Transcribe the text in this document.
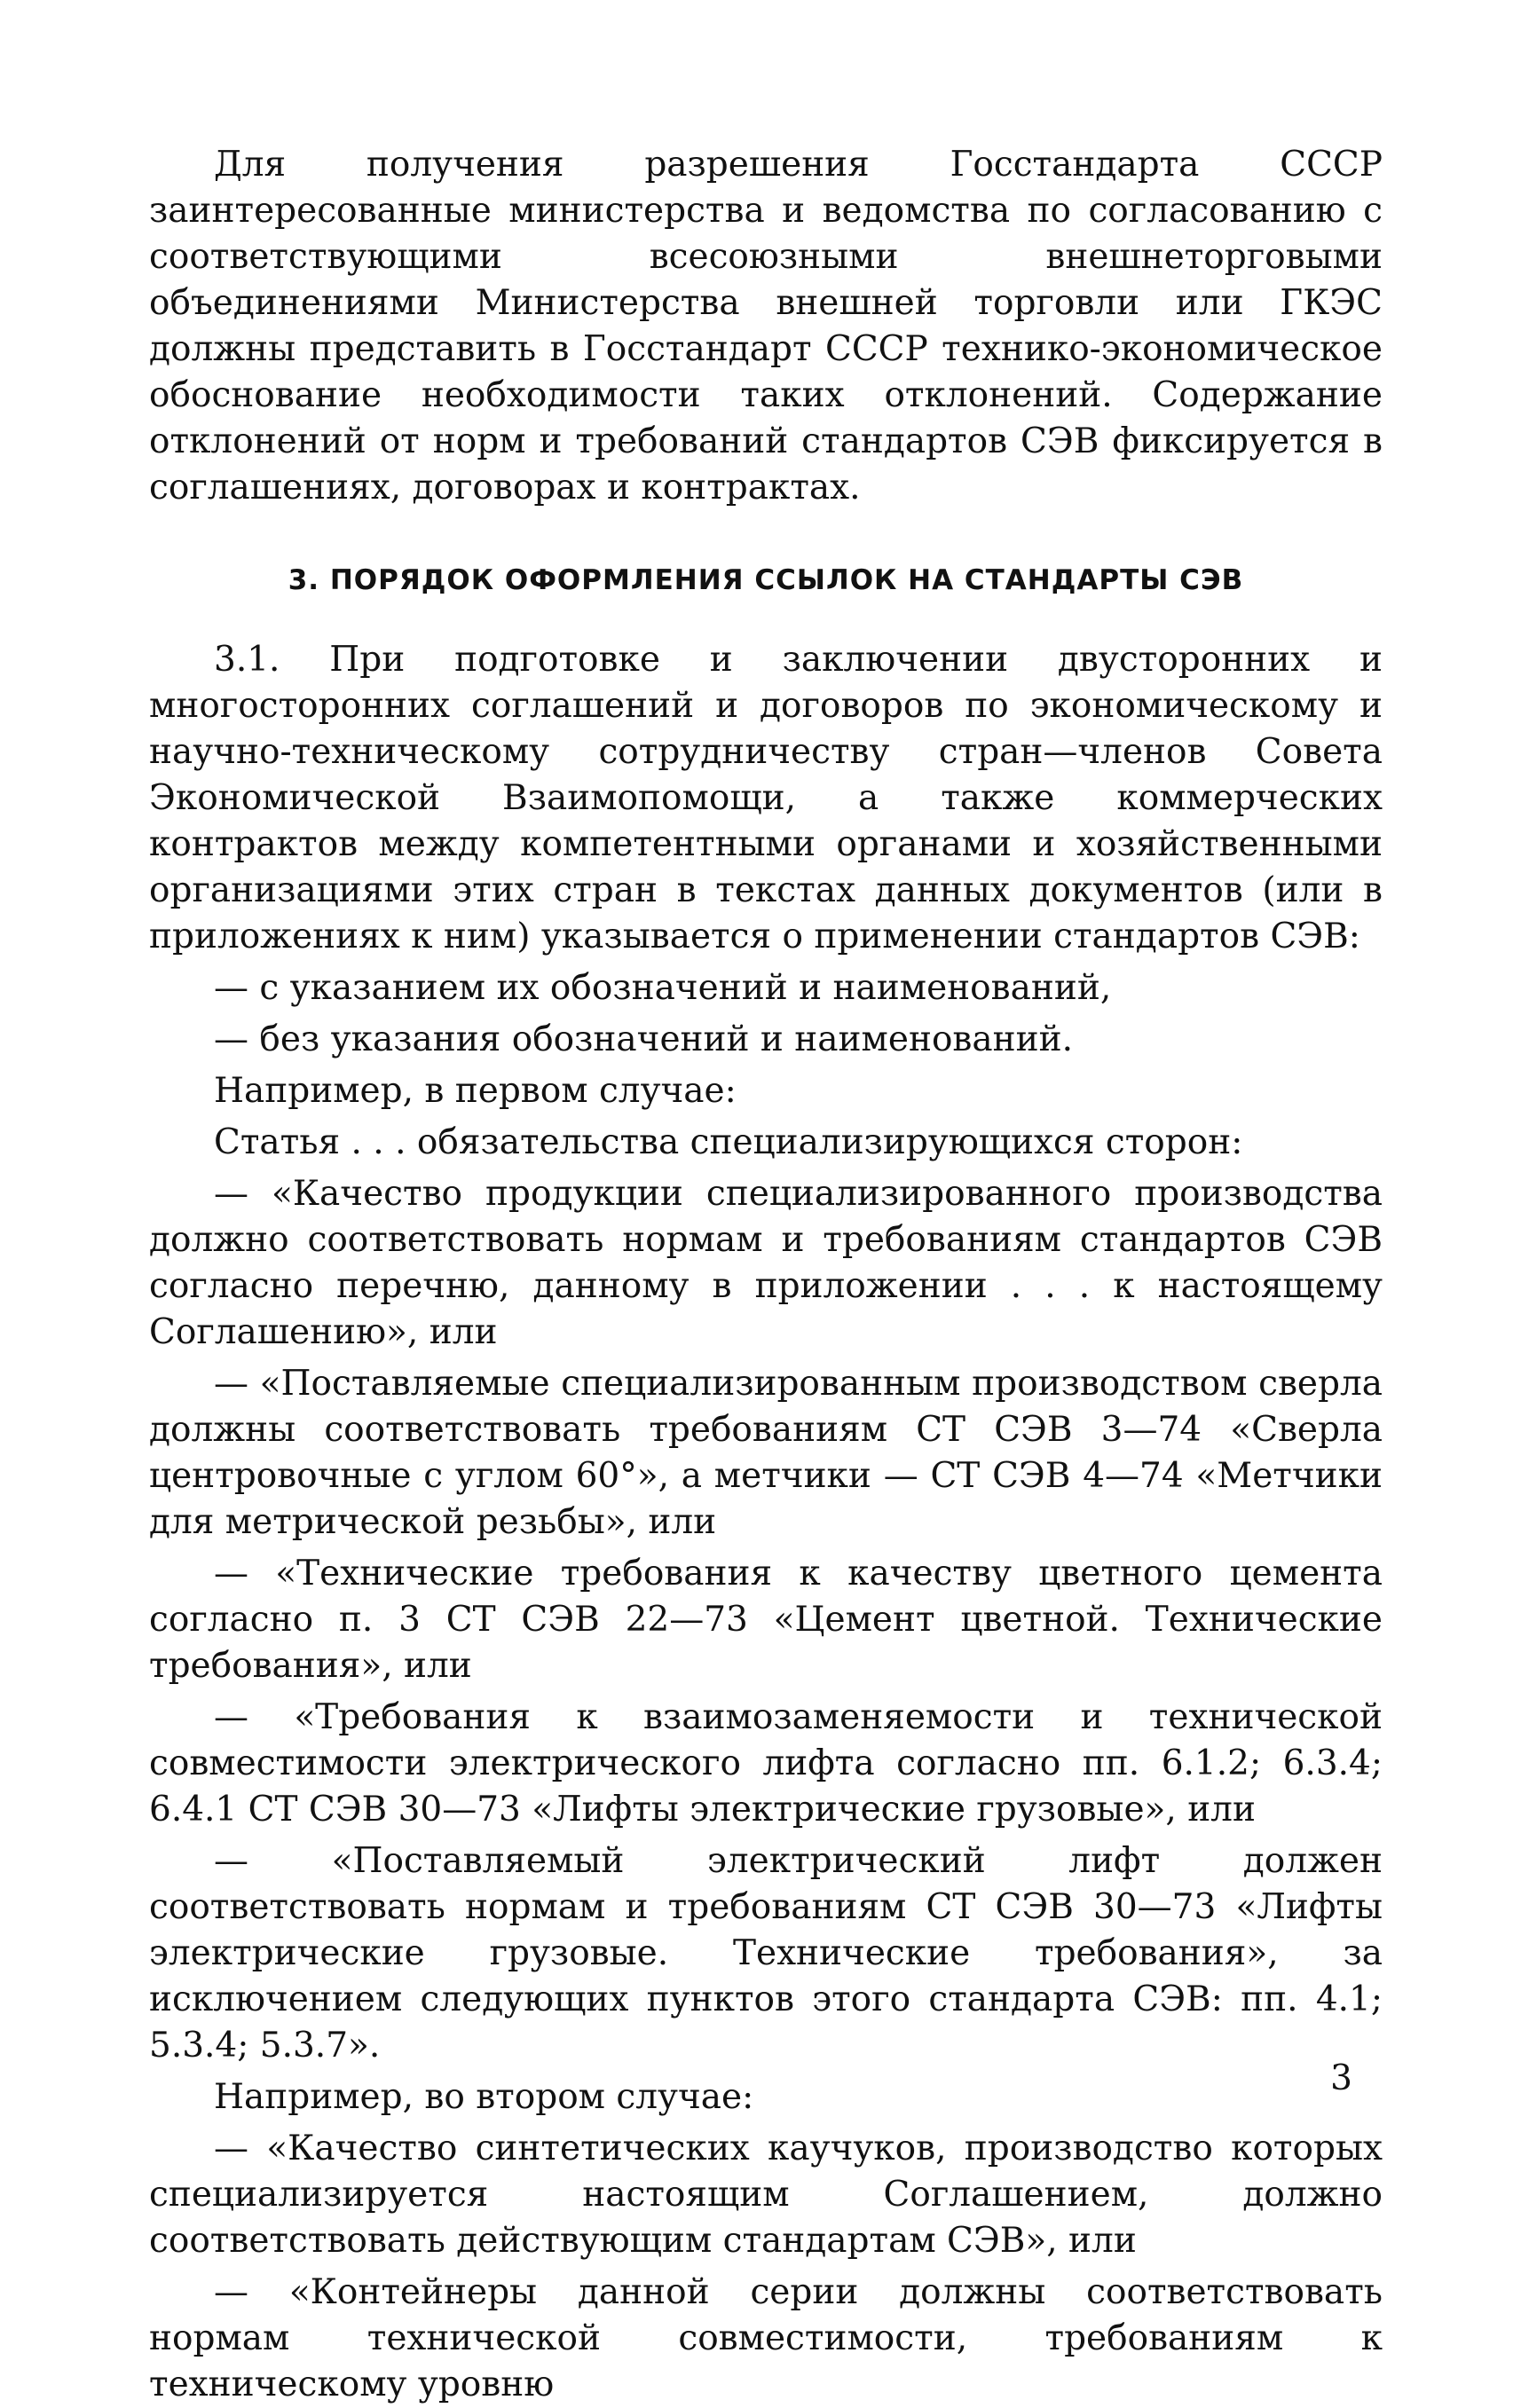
Для получения разрешения Госстандарта СССР заинтересованные министерства и ведомства по согласованию с соответствующими всесоюзными внешнеторговыми объединениями Министерства внешней торговли или ГКЭС должны представить в Госстандарт СССР технико-экономическое обоснование необходимости таких отклонений. Содержание отклонений от норм и требований стандартов СЭВ фиксируется в соглашениях, договорах и контрактах.

3. ПОРЯДОК ОФОРМЛЕНИЯ ССЫЛОК НА СТАНДАРТЫ СЭВ

3.1. При подготовке и заключении двусторонних и многосторонних соглашений и договоров по экономическому и научно-техническому сотрудничеству стран—членов Совета Экономической Взаимопомощи, а также коммерческих контрактов между компетентными органами и хозяйственными организациями этих стран в текстах данных документов (или в приложениях к ним) указывается о применении стандартов СЭВ:

— с указанием их обозначений и наименований,

— без указания обозначений и наименований.

Например, в первом случае:

Статья . . . обязательства специализирующихся сторон:

— «Качество продукции специализированного производства должно соответствовать нормам и требованиям стандартов СЭВ согласно перечню, данному в приложении . . . к настоящему Соглашению», или

— «Поставляемые специализированным производством сверла должны соответствовать требованиям СТ СЭВ 3—74 «Сверла центровочные с углом 60°», а метчики — СТ СЭВ 4—74 «Метчики для метрической резьбы», или

— «Технические требования к качеству цветного цемента согласно п. 3 СТ СЭВ 22—73 «Цемент цветной. Технические требования», или

— «Требования к взаимозаменяемости и технической совместимости электрического лифта согласно пп. 6.1.2; 6.3.4; 6.4.1 СТ СЭВ 30—73 «Лифты электрические грузовые», или

— «Поставляемый электрический лифт должен соответствовать нормам и требованиям СТ СЭВ 30—73 «Лифты электрические грузовые. Технические требования», за исключением следующих пунктов этого стандарта СЭВ: пп. 4.1; 5.3.4; 5.3.7».

Например, во втором случае:

— «Качество синтетических каучуков, производство которых специализируется настоящим Соглашением, должно соответствовать действующим стандартам СЭВ», или

— «Контейнеры данной серии должны соответствовать нормам технической совместимости, требованиям к техническому уровню

3
